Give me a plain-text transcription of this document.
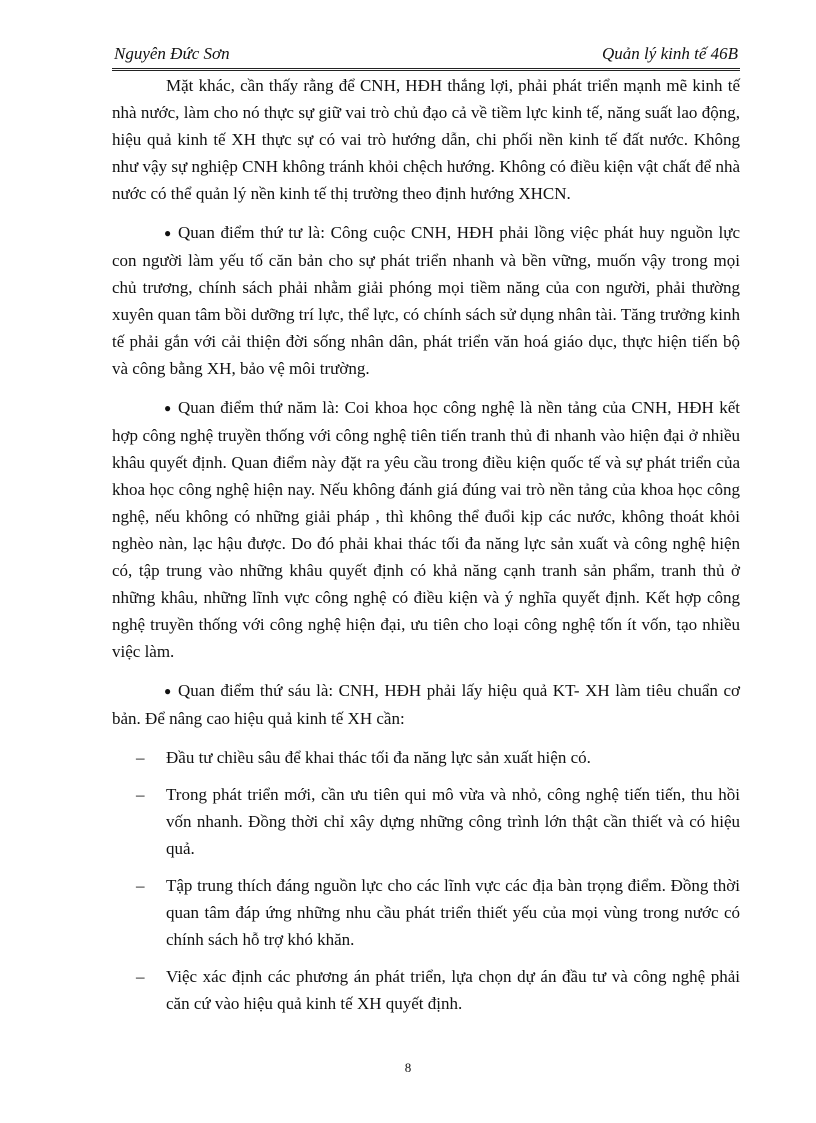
Nguyên Đức Sơn	Quản lý kinh tế 46B

Mặt khác, cần thấy rằng để CNH, HĐH thắng lợi, phải phát triển mạnh mẽ kinh tế nhà nước, làm cho nó thực sự giữ vai trò chủ đạo cả về tiềm lực kinh tế, năng suất lao động, hiệu quả kinh tế XH thực sự có vai trò hướng dẫn, chi phối nền kinh tế đất nước. Không như vậy sự nghiệp CNH không tránh khỏi chệch hướng. Không có điều kiện vật chất để nhà nước có thể quản lý nền kinh tế thị trường theo định hướng XHCN.

● Quan điểm thứ tư là: Công cuộc CNH, HĐH phải lồng việc phát huy nguồn lực con người làm yếu tố căn bản cho sự phát triển nhanh và bền vững, muốn vậy trong mọi chủ trương, chính sách phải nhằm giải phóng mọi tiềm năng của con người, phải thường xuyên quan tâm bồi dưỡng trí lực, thể lực, có chính sách sử dụng nhân tài. Tăng trưởng kinh tế phải gắn với cải thiện đời sống nhân dân, phát triển văn hoá giáo dục, thực hiện tiến bộ và công bằng XH, bảo vệ môi trường.

● Quan điểm thứ năm là: Coi khoa học công nghệ là nền tảng của CNH, HĐH kết hợp công nghệ truyền thống với công nghệ tiên tiến tranh thủ đi nhanh vào hiện đại ở nhiều khâu quyết định. Quan điểm này đặt ra yêu cầu trong điều kiện quốc tế và sự phát triển của khoa học công nghệ hiện nay. Nếu không đánh giá đúng vai trò nền tảng của khoa học công nghệ, nếu không có những giải pháp , thì không thể đuổi kịp các nước, không thoát khỏi nghèo nàn, lạc hậu được. Do đó phải khai thác tối đa năng lực sản xuất và công nghệ hiện có, tập trung vào những khâu quyết định có khả năng cạnh tranh sản phẩm, tranh thủ ở những khâu, những lĩnh vực công nghệ có điều kiện và ý nghĩa quyết định. Kết hợp công nghệ truyền thống với công nghệ hiện đại, ưu tiên cho loại công nghệ tốn ít vốn, tạo nhiều việc làm.

● Quan điểm thứ sáu là: CNH, HĐH phải lấy hiệu quả KT- XH làm tiêu chuẩn cơ bản. Để nâng cao hiệu quả kinh tế XH cần:

– Đầu tư chiều sâu để khai thác tối đa năng lực sản xuất hiện có.
– Trong phát triển mới, cần ưu tiên qui mô vừa và nhỏ, công nghệ tiến tiến, thu hồi vốn nhanh. Đồng thời chỉ xây dựng những công trình lớn thật cần thiết và có hiệu quả.
– Tập trung thích đáng nguồn lực cho các lĩnh vực các địa bàn trọng điểm. Đồng thời quan tâm đáp ứng những nhu cầu phát triển thiết yếu của mọi vùng trong nước có chính sách hỗ trợ khó khăn.
– Việc xác định các phương án phát triển, lựa chọn dự án đầu tư và công nghệ phải căn cứ vào hiệu quả kinh tế XH quyết định.
8
